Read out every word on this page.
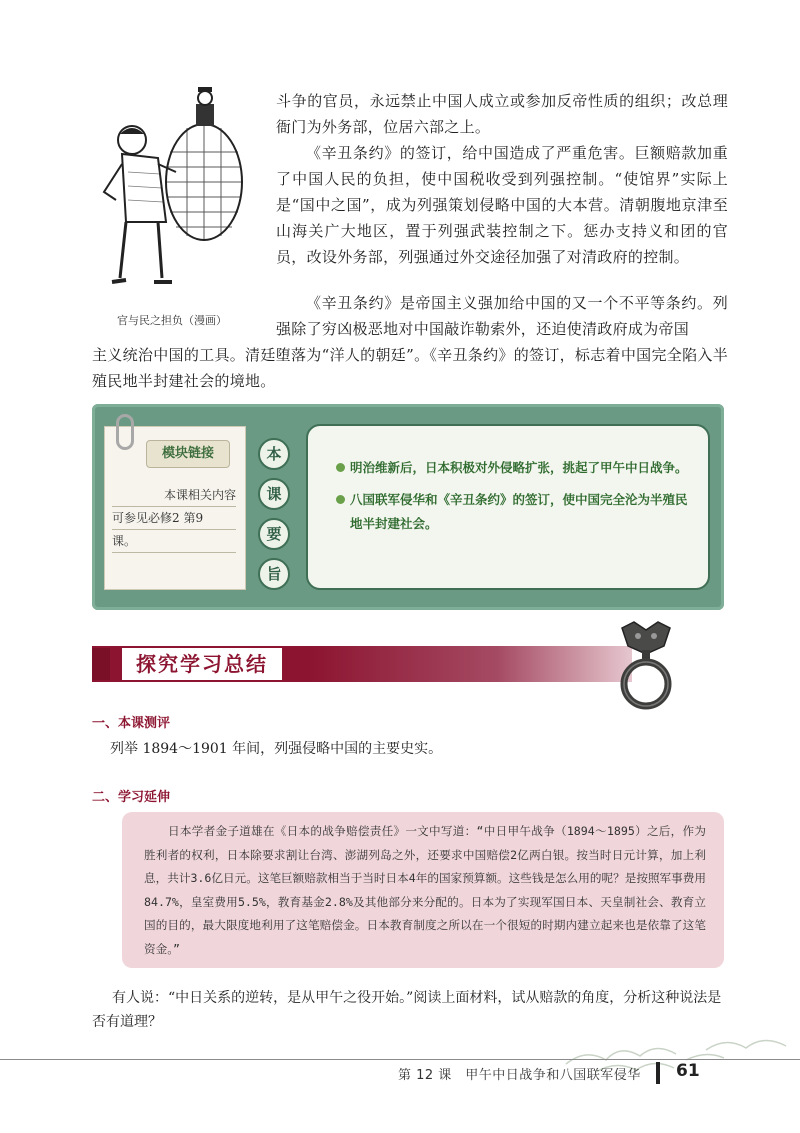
官与民之担负（漫画）

斗争的官员，永远禁止中国人成立或参加反帝性质的组织；改总理衙门为外务部，位居六部之上。

《辛丑条约》的签订，给中国造成了严重危害。巨额赔款加重了中国人民的负担，使中国税收受到列强控制。“使馆界”实际上是“国中之国”，成为列强策划侵略中国的大本营。清朝腹地京津至山海关广大地区，置于列强武装控制之下。惩办支持义和团的官员，改设外务部，列强通过外交途径加强了对清政府的控制。

《辛丑条约》是帝国主义强加给中国的又一个不平等条约。列强除了穷凶极恶地对中国敲诈勒索外，还迫使清政府成为帝国

主义统治中国的工具。清廷堕落为“洋人的朝廷”。《辛丑条约》的签订，标志着中国完全陷入半殖民地半封建社会的境地。

模块链接
本课相关内容
可参见必修2 第9
课。
本
课
要
旨
明治维新后，日本积极对外侵略扩张，挑起了甲午中日战争。
八国联军侵华和《辛丑条约》的签订，使中国完全沦为半殖民地半封建社会。
探究学习总结
一、本课测评
列举 1894～1901 年间，列强侵略中国的主要史实。
二、学习延伸

日本学者金子道雄在《日本的战争赔偿责任》一文中写道：“中日甲午战争（1894～1895）之后，作为胜利者的权利，日本除要求割让台湾、澎湖列岛之外，还要求中国赔偿2亿两白银。按当时日元计算，加上利息，共计3.6亿日元。这笔巨额赔款相当于当时日本4年的国家预算额。这些钱是怎么用的呢？是按照军事费用84.7%，皇室费用5.5%，教育基金2.8%及其他部分来分配的。日本为了实现军国日本、天皇制社会、教育立国的目的，最大限度地利用了这笔赔偿金。日本教育制度之所以在一个很短的时期内建立起来也是依靠了这笔资金。”

有人说：“中日关系的逆转，是从甲午之役开始。”阅读上面材料，试从赔款的角度，分析这种说法是否有道理？

第 12 课　甲午中日战争和八国联军侵华 61
